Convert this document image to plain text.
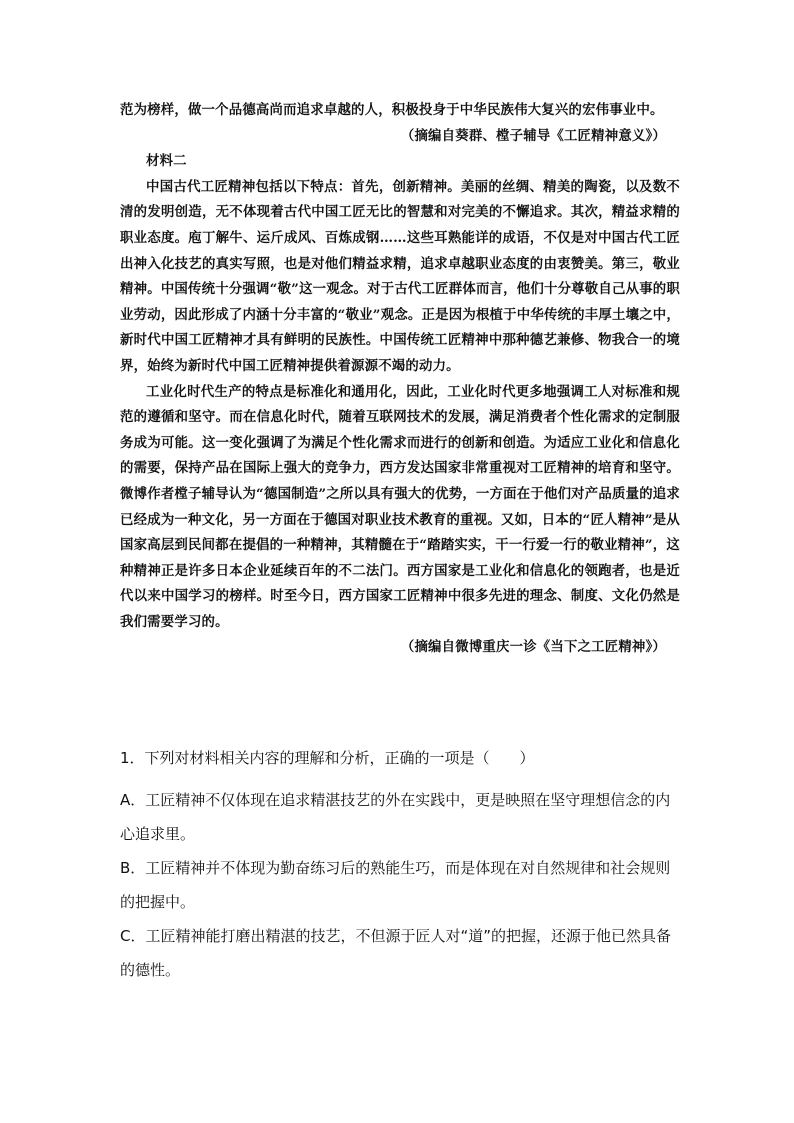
范为榜样，做一个品德高尚而追求卓越的人，积极投身于中华民族伟大复兴的宏伟事业中。

（摘编自葵群、樘子辅导《工匠精神意义》）

材料二

中国古代工匠精神包括以下特点：首先，创新精神。美丽的丝绸、精美的陶瓷，以及数不清的发明创造，无不体现着古代中国工匠无比的智慧和对完美的不懈追求。其次，精益求精的职业态度。庖丁解牛、运斤成风、百炼成钢……这些耳熟能详的成语，不仅是对中国古代工匠出神入化技艺的真实写照，也是对他们精益求精，追求卓越职业态度的由衷赞美。第三，敬业精神。中国传统十分强调“敬”这一观念。对于古代工匠群体而言，他们十分尊敬自己从事的职业劳动，因此形成了内涵十分丰富的“敬业”观念。正是因为根植于中华传统的丰厚土壤之中，新时代中国工匠精神才具有鲜明的民族性。中国传统工匠精神中那种德艺兼修、物我合一的境界，始终为新时代中国工匠精神提供着源源不竭的动力。

工业化时代生产的特点是标准化和通用化，因此，工业化时代更多地强调工人对标准和规范的遵循和坚守。而在信息化时代，随着互联网技术的发展，满足消费者个性化需求的定制服务成为可能。这一变化强调了为满足个性化需求而进行的创新和创造。为适应工业化和信息化的需要，保持产品在国际上强大的竞争力，西方发达国家非常重视对工匠精神的培育和坚守。微博作者樘子辅导认为“德国制造”之所以具有强大的优势，一方面在于他们对产品质量的追求已经成为一种文化，另一方面在于德国对职业技术教育的重视。又如，日本的“匠人精神”是从国家高层到民间都在提倡的一种精神，其精髓在于“踏踏实实，干一行爱一行的敬业精神”，这种精神正是许多日本企业延续百年的不二法门。西方国家是工业化和信息化的领跑者，也是近代以来中国学习的榜样。时至今日，西方国家工匠精神中很多先进的理念、制度、文化仍然是我们需要学习的。

（摘编自微博重庆一诊《当下之工匠精神》）

1．下列对材料相关内容的理解和分析，正确的一项是（　　）

A．工匠精神不仅体现在追求精湛技艺的外在实践中，更是映照在坚守理想信念的内心追求里。

B．工匠精神并不体现为勤奋练习后的熟能生巧，而是体现在对自然规律和社会规则的把握中。

C．工匠精神能打磨出精湛的技艺，不但源于匠人对“道”的把握，还源于他已然具备的德性。
